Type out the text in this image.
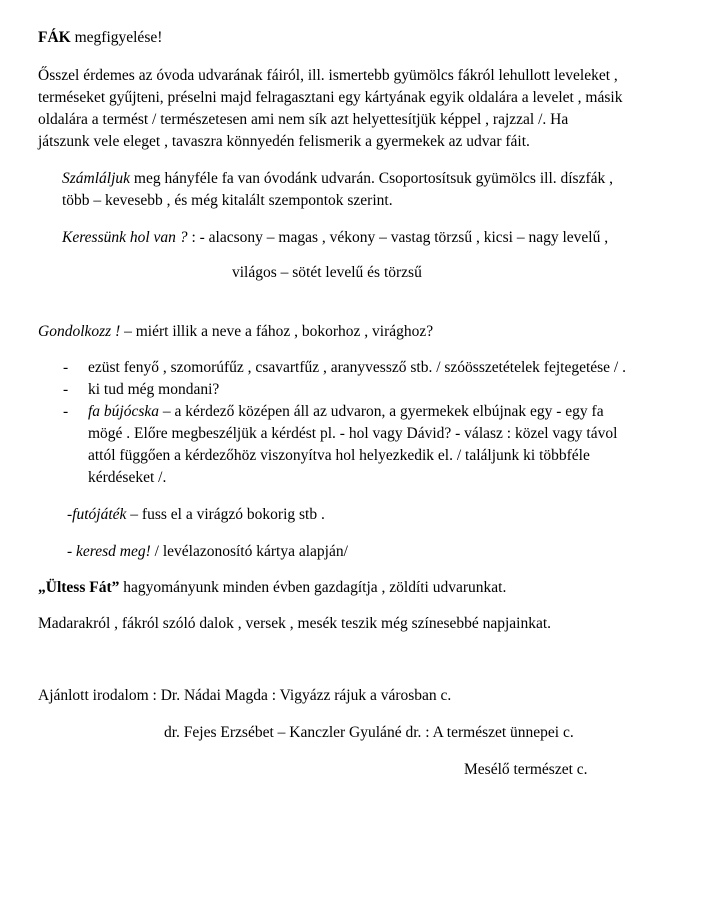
FÁK megfigyelése!
Ősszel érdemes az óvoda udvarának fáiról, ill. ismertebb gyümölcs fákról lehullott leveleket ,
terméseket gyűjteni, préselni majd felragasztani egy kártyának egyik oldalára a levelet , másik
oldalára a termést / természetesen ami nem sík azt helyettesítjük képpel , rajzzal /. Ha
játszunk vele eleget , tavaszra könnyedén felismerik a gyermekek az udvar fáit.
Számláljuk meg hányféle fa van óvodánk udvarán. Csoportosítsuk gyümölcs ill. díszfák ,
több – kevesebb , és még kitalált szempontok szerint.
Keressünk hol van ? : - alacsony – magas , vékony – vastag törzsű , kicsi – nagy levelű ,
világos – sötét levelű és törzsű
Gondolkozz ! – miért illik a neve a fához , bokorhoz , virághoz?
- ezüst fenyő , szomorúfűz , csavartfűz , aranyvessző stb. / szóösszetételek fejtegetése / .
- ki tud még mondani?
- fa bújócska – a kérdező középen áll az udvaron, a gyermekek elbújnak egy - egy fa
mögé . Előre megbeszéljük a kérdést pl. - hol vagy Dávid? - válasz : közel vagy távol
attól függően a kérdezőhöz viszonyítva hol helyezkedik el. / találjunk ki többféle
kérdéseket /.
-futójáték – fuss el a virágzó bokorig stb .
- keresd meg! / levélazonosító kártya alapján/
„Ültess Fát” hagyományunk minden évben gazdagítja , zöldíti udvarunkat.
Madarakról , fákról szóló dalok , versek , mesék teszik még színesebbé napjainkat.
Ajánlott irodalom : Dr. Nádai Magda : Vigyázz rájuk a városban c.
dr. Fejes Erzsébet – Kanczler Gyuláné dr. : A természet ünnepei c.
Mesélő természet c.
